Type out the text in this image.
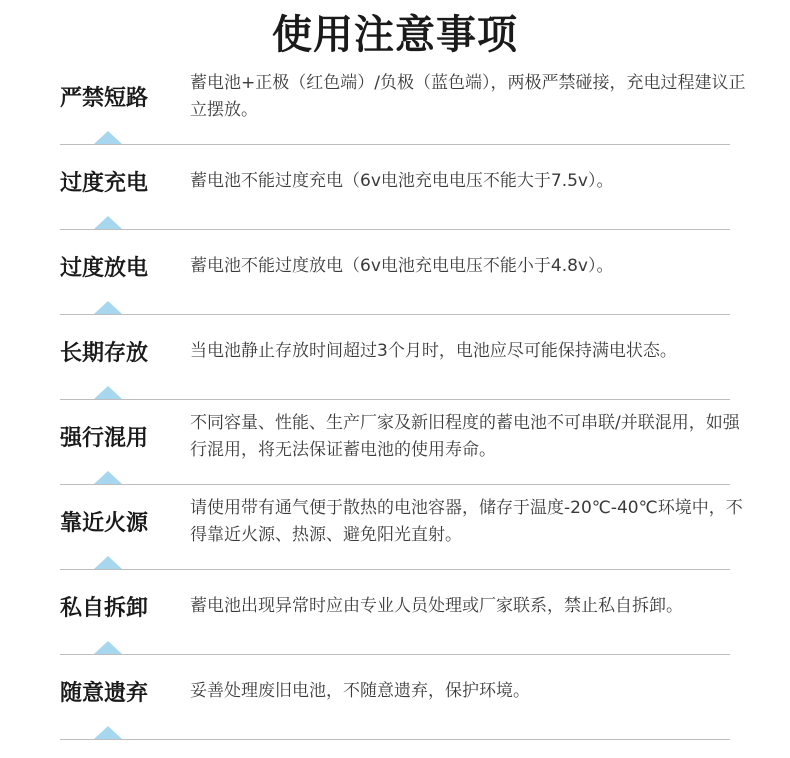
使用注意事项
严禁短路
蓄电池+正极（红色端）/负极（蓝色端），两极严禁碰接，充电过程建议正立摆放。
过度充电 蓄电池不能过度充电（6v电池充电电压不能大于7.5v）。
过度放电 蓄电池不能过度放电（6v电池充电电压不能小于4.8v）。
长期存放 当电池静止存放时间超过3个月时，电池应尽可能保持满电状态。
强行混用
不同容量、性能、生产厂家及新旧程度的蓄电池不可串联/并联混用，如强行混用，将无法保证蓄电池的使用寿命。
靠近火源
请使用带有通气便于散热的电池容器，储存于温度-20℃-40℃环境中，不得靠近火源、热源、避免阳光直射。
私自拆卸 蓄电池出现异常时应由专业人员处理或厂家联系，禁止私自拆卸。
随意遗弃 妥善处理废旧电池，不随意遗弃，保护环境。
